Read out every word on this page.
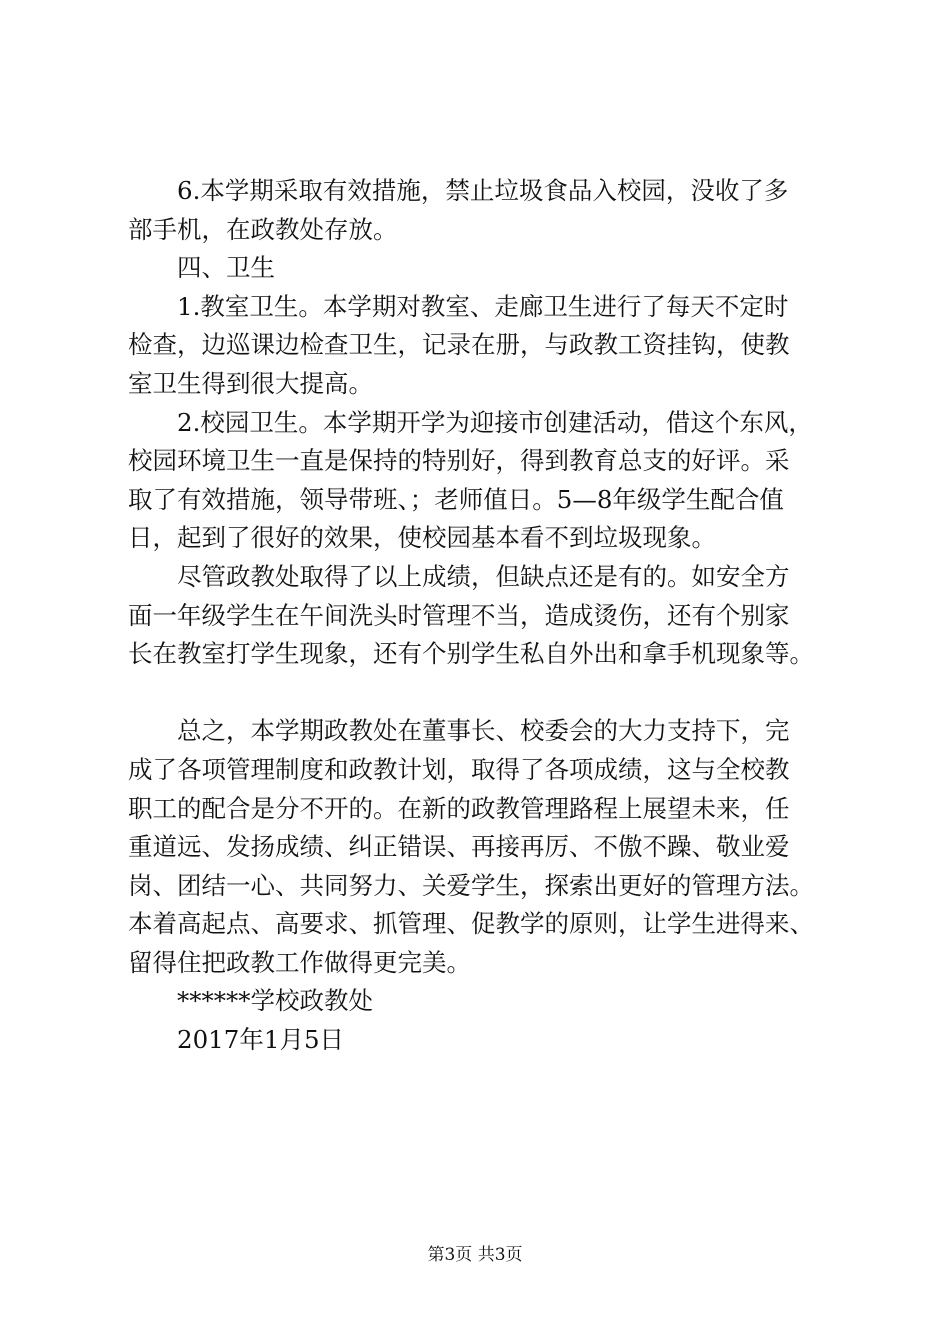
　　6.本学期采取有效措施，禁止垃圾食品入校园，没收了多
部手机，在政教处存放。
　　四、卫生
　　1.教室卫生。本学期对教室、走廊卫生进行了每天不定时
检查，边巡课边检查卫生，记录在册，与政教工资挂钩，使教
室卫生得到很大提高。
　　2.校园卫生。本学期开学为迎接市创建活动，借这个东风，
校园环境卫生一直是保持的特别好，得到教育总支的好评。采
取了有效措施，领导带班、；老师值日。5—8年级学生配合值
日，起到了很好的效果，使校园基本看不到垃圾现象。
　　尽管政教处取得了以上成绩，但缺点还是有的。如安全方
面一年级学生在午间洗头时管理不当，造成烫伤，还有个别家
长在教室打学生现象，还有个别学生私自外出和拿手机现象等。
　　总之，本学期政教处在董事长、校委会的大力支持下，完
成了各项管理制度和政教计划，取得了各项成绩，这与全校教
职工的配合是分不开的。在新的政教管理路程上展望未来，任
重道远、发扬成绩、纠正错误、再接再厉、不傲不躁、敬业爱
岗、团结一心、共同努力、关爱学生，探索出更好的管理方法。
本着高起点、高要求、抓管理、促教学的原则，让学生进得来、
留得住把政教工作做得更完美。
　　******学校政教处
　　2017年1月5日
第3页 共3页
